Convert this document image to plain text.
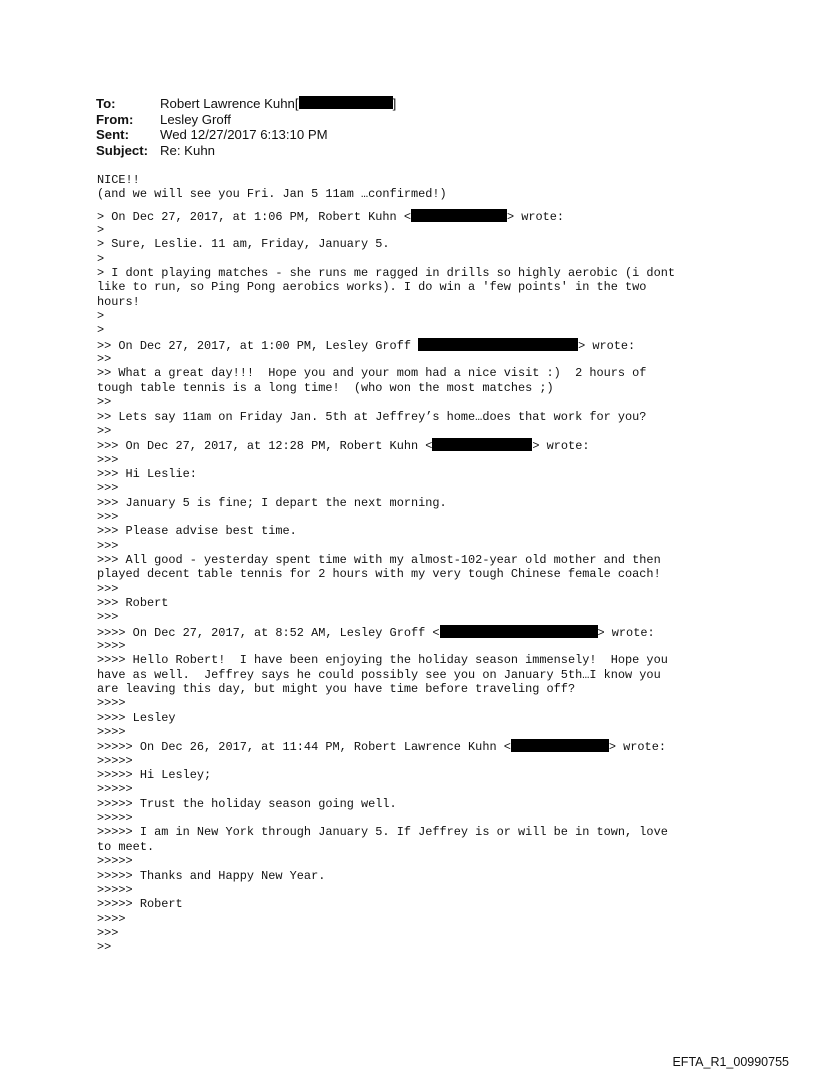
To:	Robert Lawrence Kuhn[	]
From:	Lesley Groff
Sent:	Wed 12/27/2017 6:13:10 PM
Subject: Re: Kuhn
NICE!!
(and we will see you Fri. Jan 5 11am …confirmed!)
> On Dec 27, 2017, at 1:06 PM, Robert Kuhn <	> wrote:
>
> Sure, Leslie. 11 am, Friday, January 5.
>
> I dont playing matches - she runs me ragged in drills so highly aerobic (i dont
like to run, so Ping Pong aerobics works). I do win a 'few points' in the two
hours!
>
>
>> On Dec 27, 2017, at 1:00 PM, Lesley Groff	> wrote:
>>
>> What a great day!!!  Hope you and your mom had a nice visit :)  2 hours of
tough table tennis is a long time!  (who won the most matches ;)
>>
>> Lets say 11am on Friday Jan. 5th at Jeffrey’s home…does that work for you?
>>
>>> On Dec 27, 2017, at 12:28 PM, Robert Kuhn <	> wrote:
>>>
>>> Hi Leslie:
>>>
>>> January 5 is fine; I depart the next morning.
>>>
>>> Please advise best time.
>>>
>>> All good - yesterday spent time with my almost-102-year old mother and then
played decent table tennis for 2 hours with my very tough Chinese female coach!
>>>
>>> Robert
>>>
>>>> On Dec 27, 2017, at 8:52 AM, Lesley Groff <	> wrote:
>>>>
>>>> Hello Robert!  I have been enjoying the holiday season immensely!  Hope you
have as well.  Jeffrey says he could possibly see you on January 5th…I know you
are leaving this day, but might you have time before traveling off?
>>>>
>>>> Lesley
>>>>
>>>>> On Dec 26, 2017, at 11:44 PM, Robert Lawrence Kuhn <	> wrote:
>>>>>
>>>>> Hi Lesley;
>>>>>
>>>>> Trust the holiday season going well.
>>>>>
>>>>> I am in New York through January 5. If Jeffrey is or will be in town, love
to meet.
>>>>>
>>>>> Thanks and Happy New Year.
>>>>>
>>>>> Robert
>>>>
>>>
>>
EFTA_R1_00990755
